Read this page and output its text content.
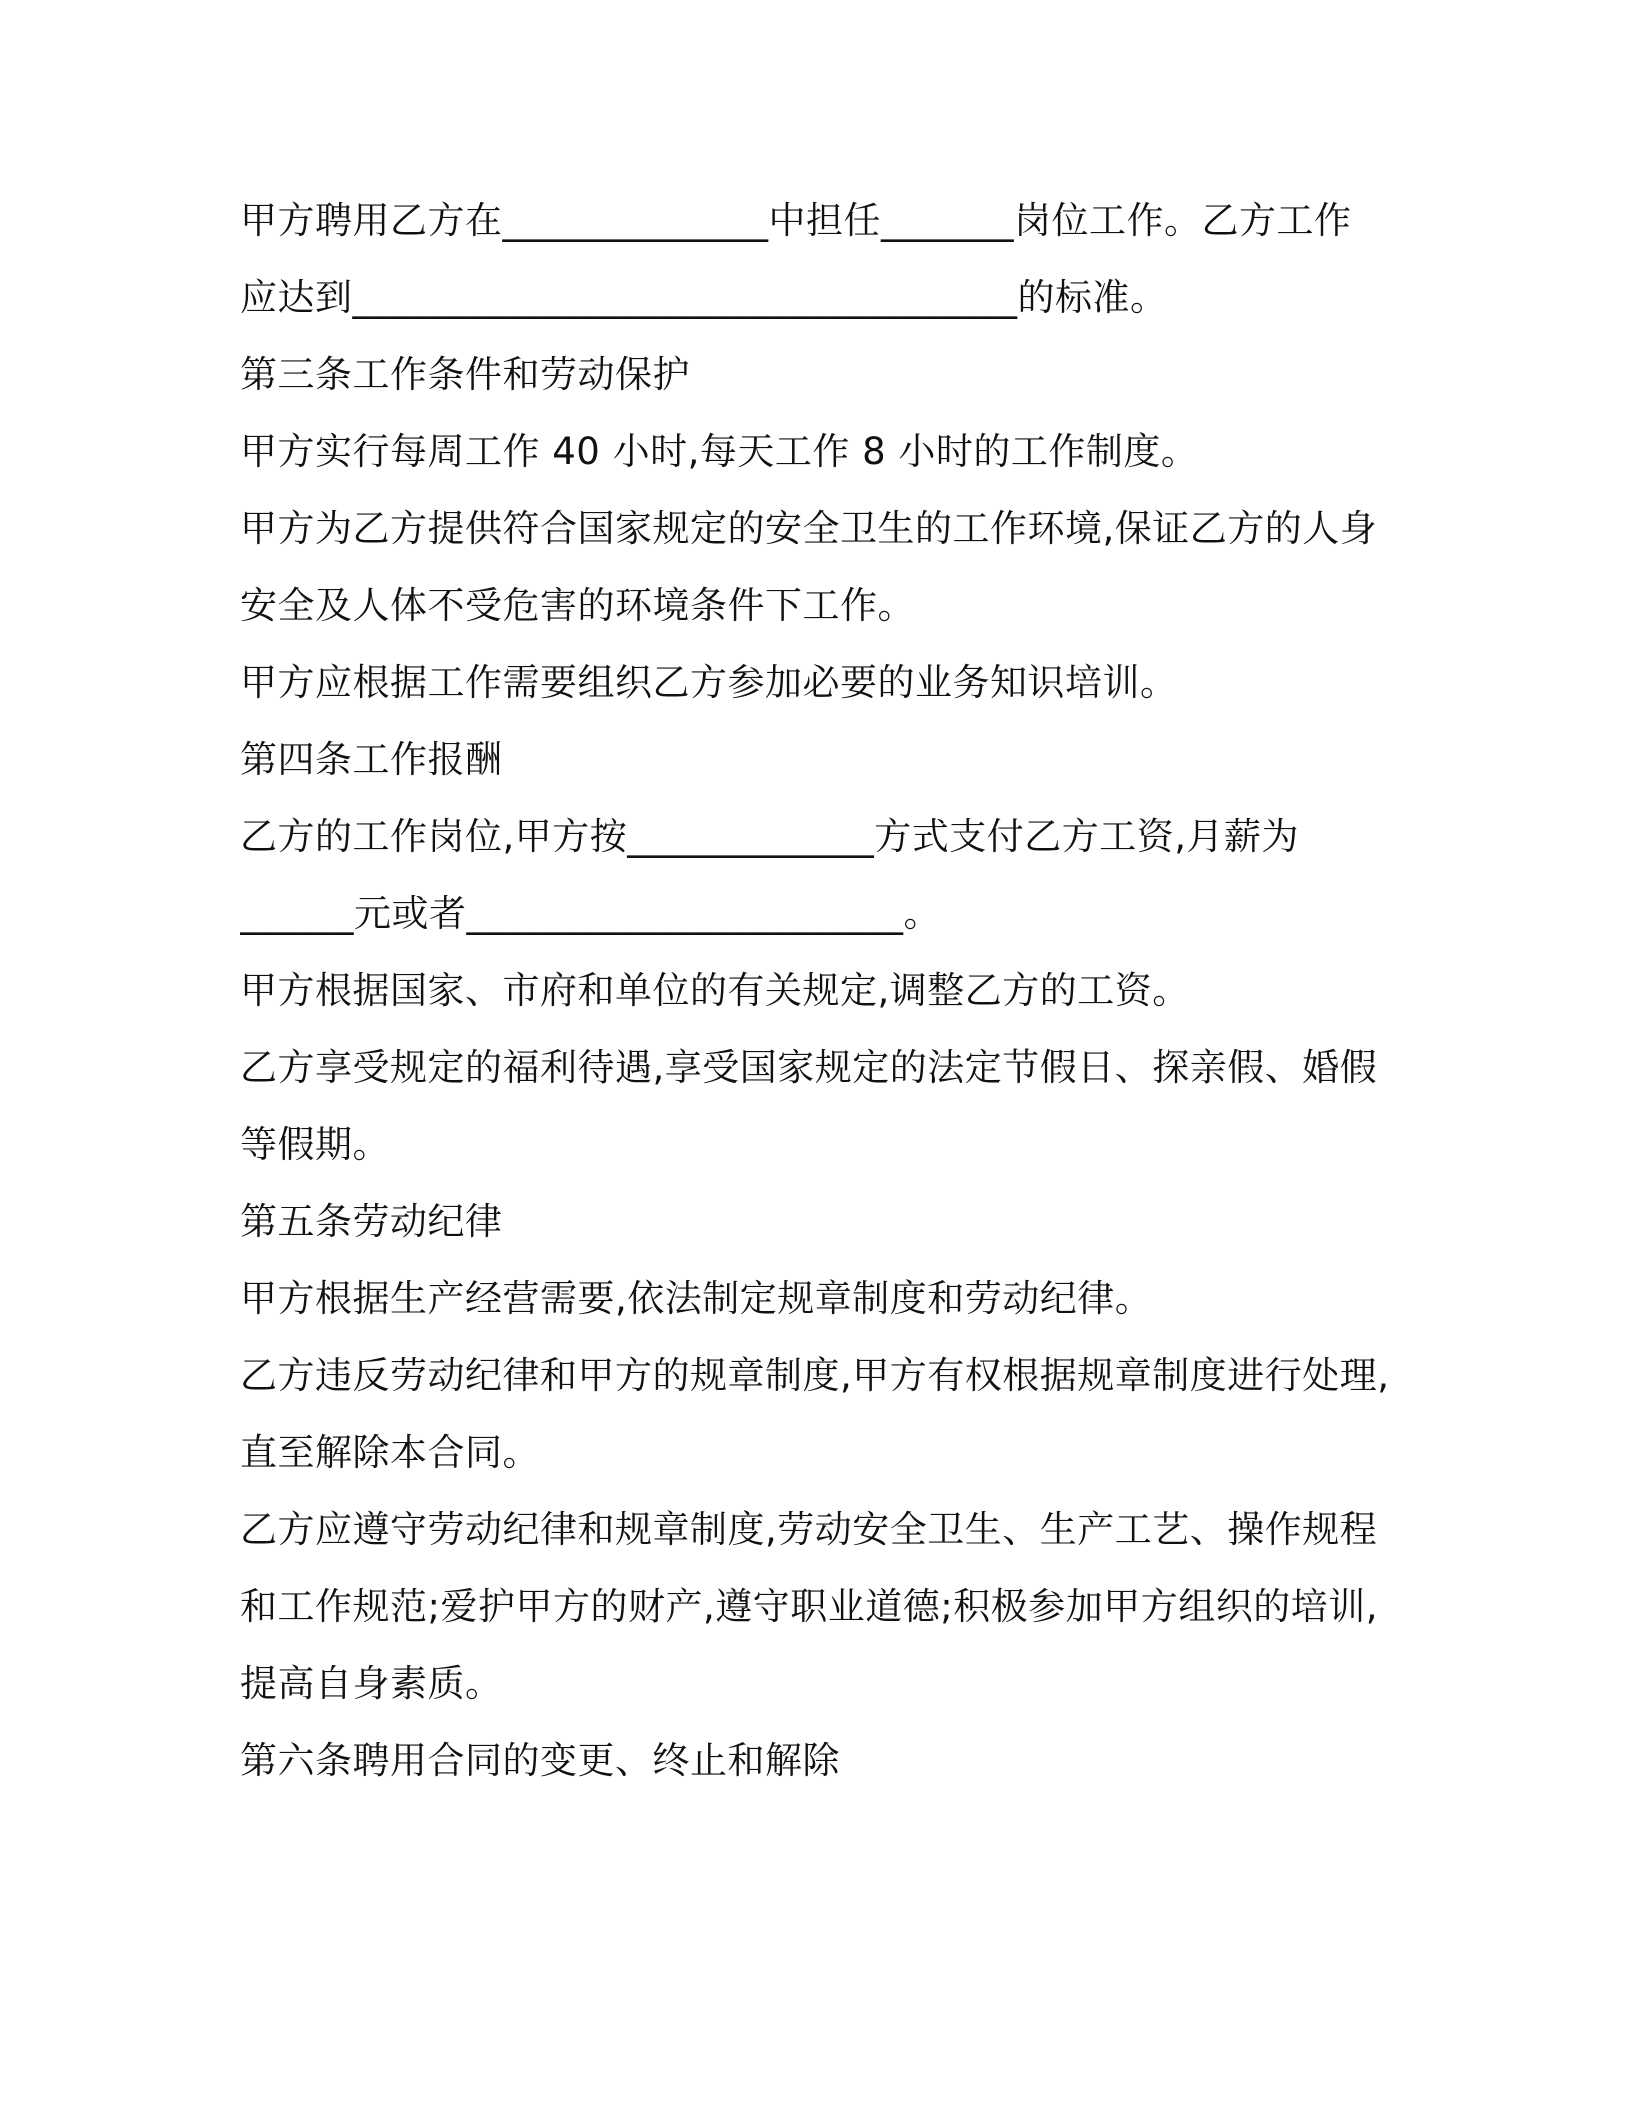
甲方聘用乙方在______________中担任_______岗位工作。乙方工作
应达到___________________________________的标准。
第三条工作条件和劳动保护
甲方实行每周工作 40 小时,每天工作 8 小时的工作制度。
甲方为乙方提供符合国家规定的安全卫生的工作环境,保证乙方的人身
安全及人体不受危害的环境条件下工作。
甲方应根据工作需要组织乙方参加必要的业务知识培训。
第四条工作报酬
乙方的工作岗位,甲方按_____________方式支付乙方工资,月薪为
______元或者_______________________。
甲方根据国家、市府和单位的有关规定,调整乙方的工资。
乙方享受规定的福利待遇,享受国家规定的法定节假日、探亲假、婚假
等假期。
第五条劳动纪律
甲方根据生产经营需要,依法制定规章制度和劳动纪律。
乙方违反劳动纪律和甲方的规章制度,甲方有权根据规章制度进行处理,
直至解除本合同。
乙方应遵守劳动纪律和规章制度,劳动安全卫生、生产工艺、操作规程
和工作规范;爱护甲方的财产,遵守职业道德;积极参加甲方组织的培训,
提高自身素质。
第六条聘用合同的变更、终止和解除
